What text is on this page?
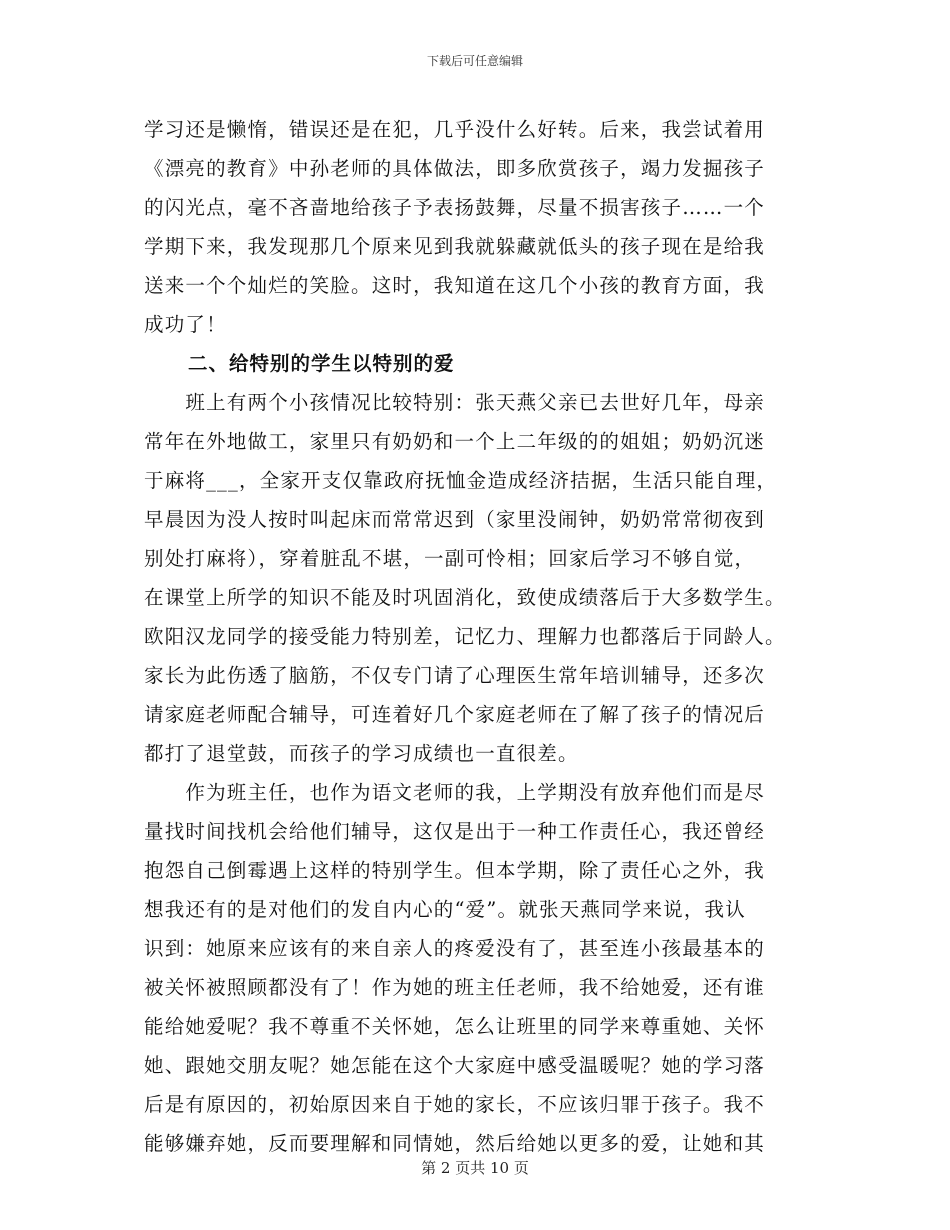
下载后可任意编辑
学习还是懒惰，错误还是在犯，几乎没什么好转。后来，我尝试着用
《漂亮的教育》中孙老师的具体做法，即多欣赏孩子，竭力发掘孩子
的闪光点，毫不吝啬地给孩子予表扬鼓舞，尽量不损害孩子……一个
学期下来，我发现那几个原来见到我就躲藏就低头的孩子现在是给我
送来一个个灿烂的笑脸。这时，我知道在这几个小孩的教育方面，我
成功了！
二、给特别的学生以特别的爱
　　班上有两个小孩情况比较特别：张天燕父亲已去世好几年，母亲
常年在外地做工，家里只有奶奶和一个上二年级的的姐姐；奶奶沉迷
于麻将___，全家开支仅靠政府抚恤金造成经济拮据，生活只能自理，
早晨因为没人按时叫起床而常常迟到（家里没闹钟，奶奶常常彻夜到
别处打麻将），穿着脏乱不堪，一副可怜相；回家后学习不够自觉，
在课堂上所学的知识不能及时巩固消化，致使成绩落后于大多数学生。
欧阳汉龙同学的接受能力特别差，记忆力、理解力也都落后于同龄人。
家长为此伤透了脑筋，不仅专门请了心理医生常年培训辅导，还多次
请家庭老师配合辅导，可连着好几个家庭老师在了解了孩子的情况后
都打了退堂鼓，而孩子的学习成绩也一直很差。
　　作为班主任，也作为语文老师的我，上学期没有放弃他们而是尽
量找时间找机会给他们辅导，这仅是出于一种工作责任心，我还曾经
抱怨自己倒霉遇上这样的特别学生。但本学期，除了责任心之外，我
想我还有的是对他们的发自内心的“爱”。就张天燕同学来说，我认
识到：她原来应该有的来自亲人的疼爱没有了，甚至连小孩最基本的
被关怀被照顾都没有了！作为她的班主任老师，我不给她爱，还有谁
能给她爱呢？我不尊重不关怀她，怎么让班里的同学来尊重她、关怀
她、跟她交朋友呢？她怎能在这个大家庭中感受温暖呢？她的学习落
后是有原因的，初始原因来自于她的家长，不应该归罪于孩子。我不
能够嫌弃她，反而要理解和同情她，然后给她以更多的爱，让她和其
第 2 页共 10 页
